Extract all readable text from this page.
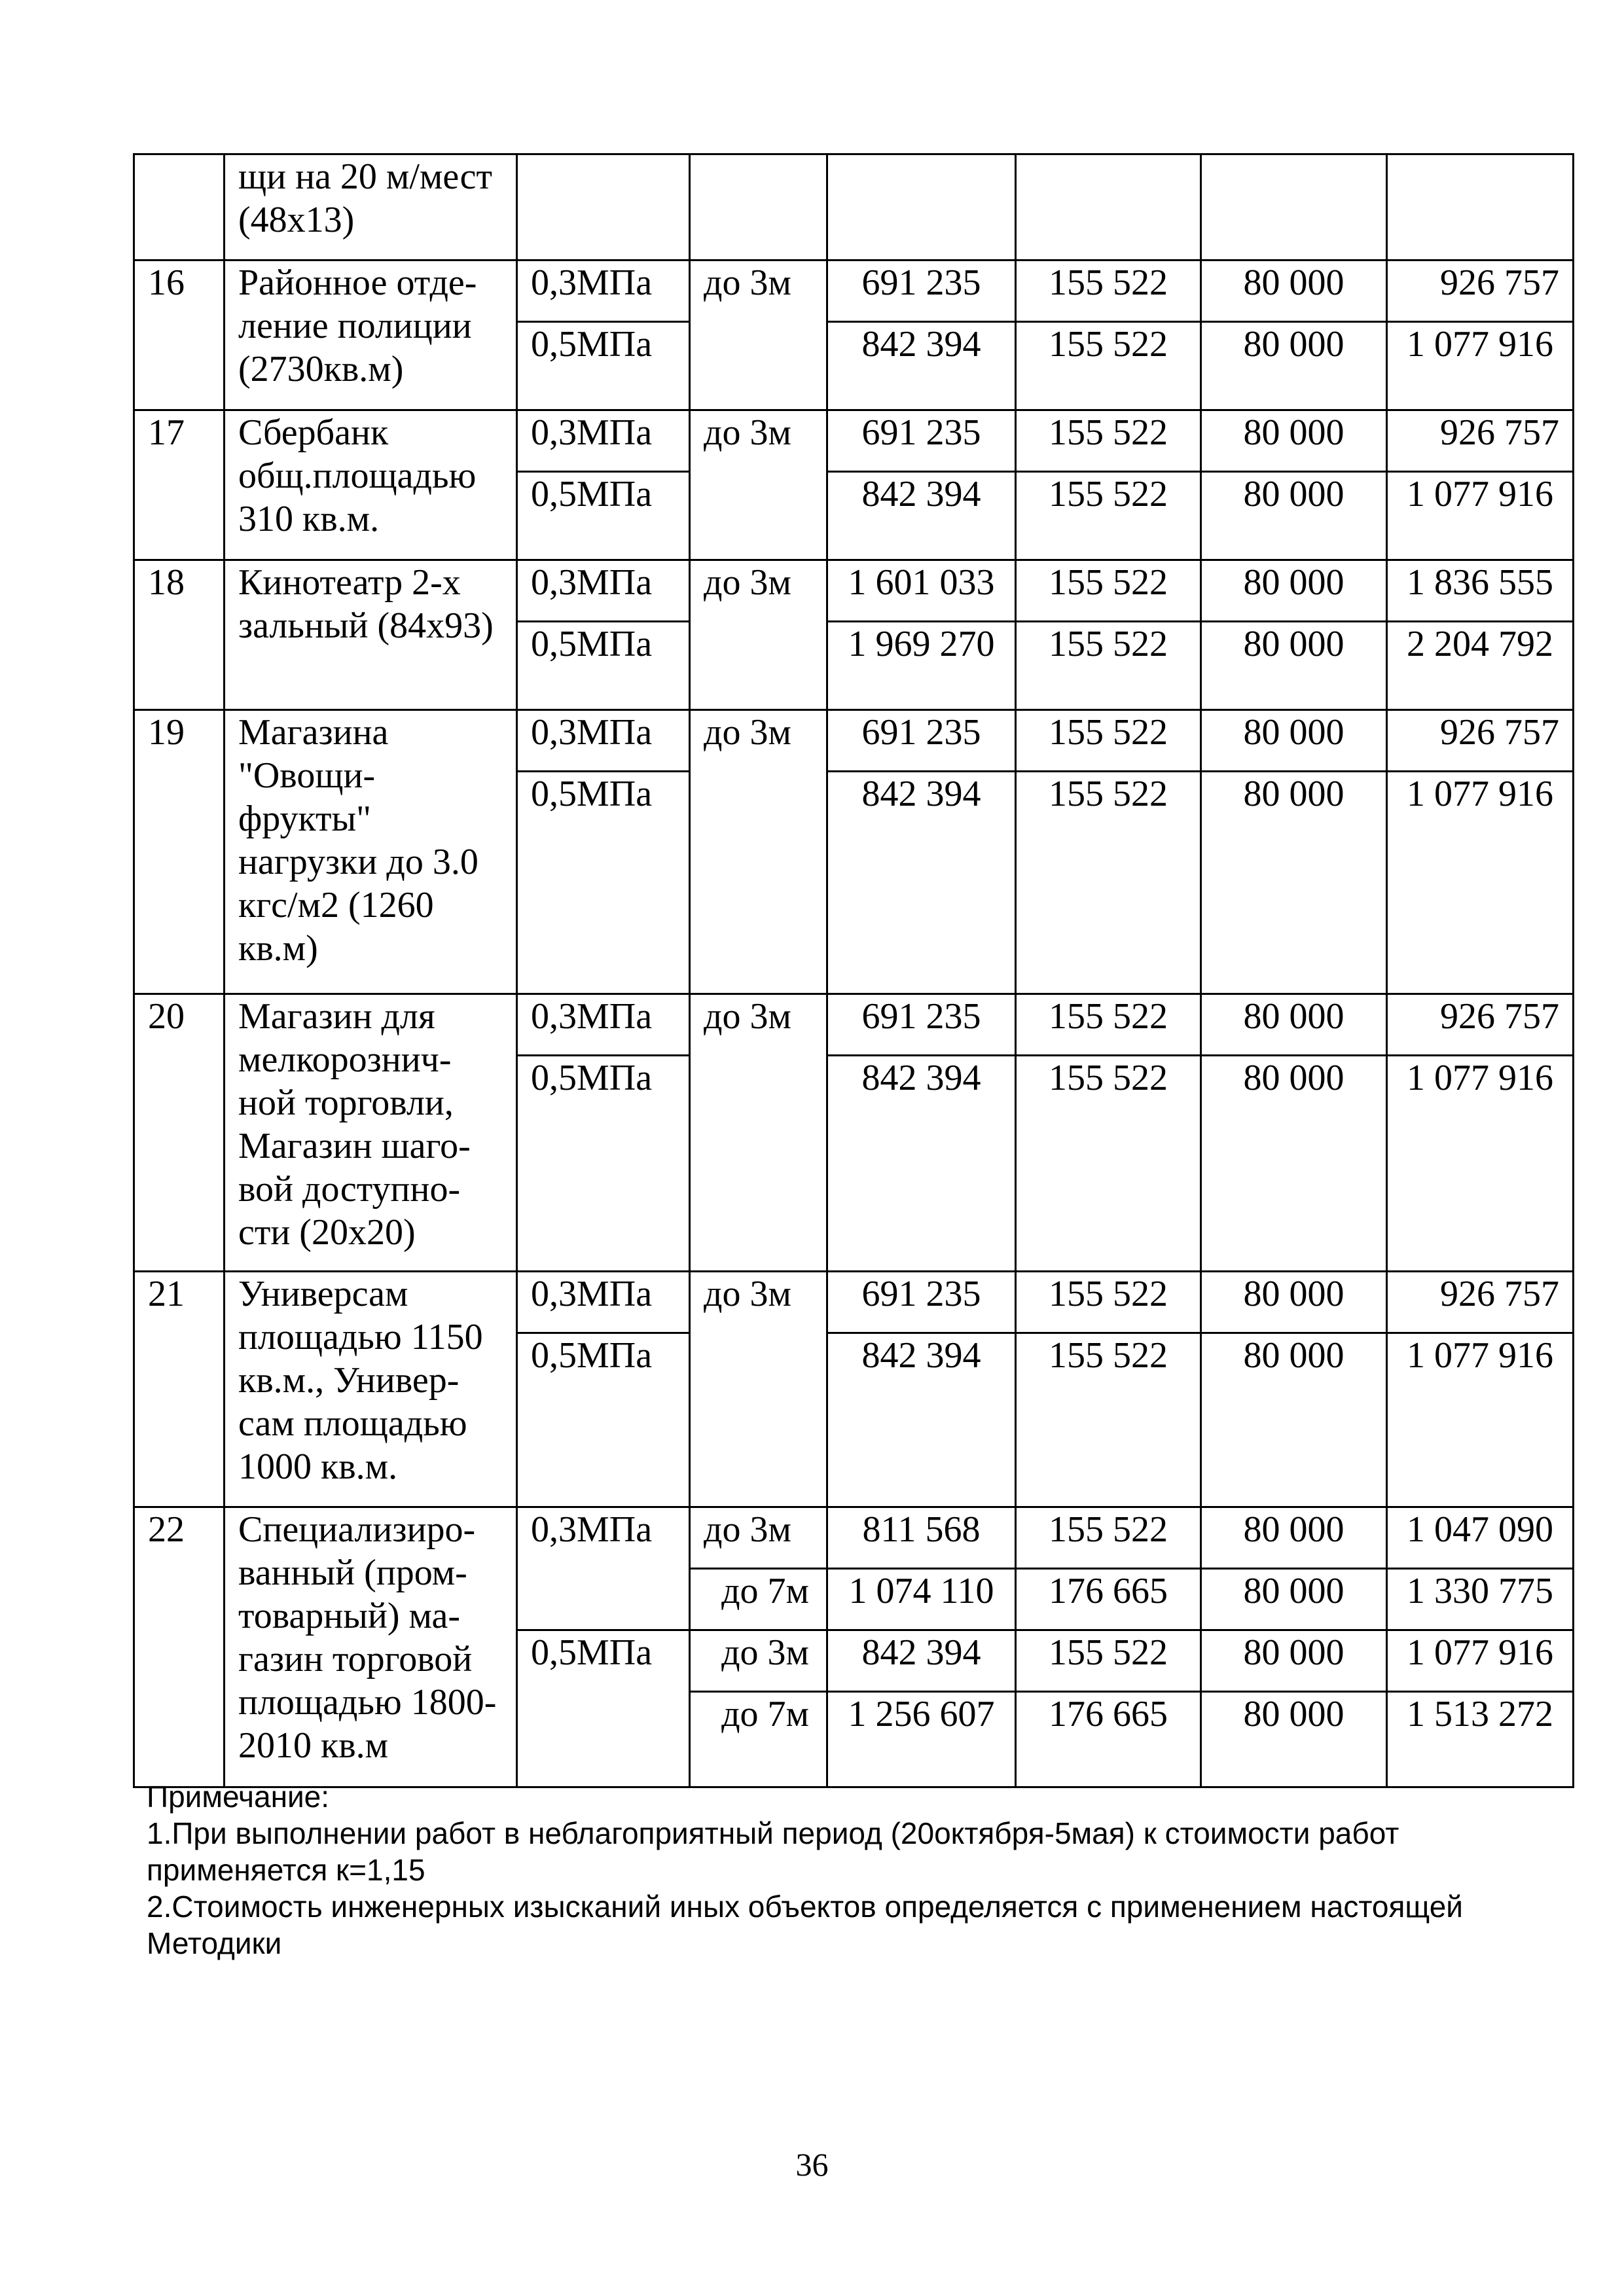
	щи на 20 м/мест (48х13)						
16	Районное отде-ление полиции (2730кв.м)	0,3МПа	до 3м	691 235	155 522	80 000	926 757
		0,5МПа		842 394	155 522	80 000	1 077 916
17	Сбербанк общ.площадью 310 кв.м.	0,3МПа	до 3м	691 235	155 522	80 000	926 757
		0,5МПа		842 394	155 522	80 000	1 077 916
18	Кинотеатр 2-х зальный (84х93)	0,3МПа	до 3м	1 601 033	155 522	80 000	1 836 555
		0,5МПа		1 969 270	155 522	80 000	2 204 792
19	Магазина "Овощи-фрукты" нагрузки до 3.0 кгс/м2 (1260 кв.м)	0,3МПа	до 3м	691 235	155 522	80 000	926 757
		0,5МПа		842 394	155 522	80 000	1 077 916
20	Магазин для мелкорознич-ной торговли, Магазин шаго-вой доступно-сти (20х20)	0,3МПа	до 3м	691 235	155 522	80 000	926 757
		0,5МПа		842 394	155 522	80 000	1 077 916
21	Универсам площадью 1150 кв.м., Универ-сам площадью 1000 кв.м.	0,3МПа	до 3м	691 235	155 522	80 000	926 757
		0,5МПа		842 394	155 522	80 000	1 077 916
22	Специализиро-ванный (пром-товарный) ма-газин торговой площадью 1800-2010 кв.м	0,3МПа	до 3м	811 568	155 522	80 000	1 047 090
			до 7м	1 074 110	176 665	80 000	1 330 775
		0,5МПа	до 3м	842 394	155 522	80 000	1 077 916
			до 7м	1 256 607	176 665	80 000	1 513 272
Примечание:
1.При выполнении работ в неблагоприятный период (20октября-5мая) к стоимости работ применяется к=1,15
2.Стоимость инженерных изысканий иных объектов определяется с применением настоящей Методики
36
